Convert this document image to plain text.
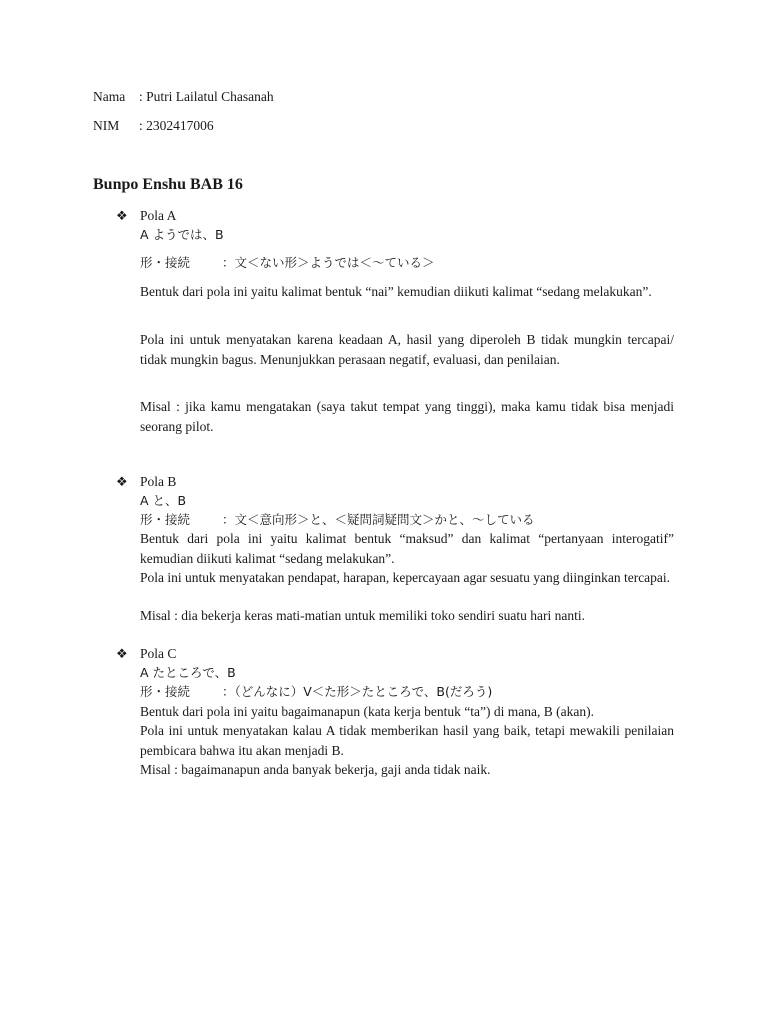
Nama : Putri Lailatul Chasanah
NIM : 2302417006
Bunpo Enshu BAB 16
❖ Pola A
A ようでは、B
形・接続	：文＜ない形＞ようでは＜～ている＞
Bentuk dari pola ini yaitu kalimat bentuk “nai” kemudian diikuti kalimat “sedang melakukan”.
Pola ini untuk menyatakan karena keadaan A, hasil yang diperoleh B tidak mungkin tercapai/ tidak mungkin bagus. Menunjukkan perasaan negatif, evaluasi, dan penilaian.
Misal : jika kamu mengatakan (saya takut tempat yang tinggi), maka kamu tidak bisa menjadi seorang pilot.
❖ Pola B
A と、B
形・接続	：文＜意向形＞と、＜疑問詞疑問文＞かと、～している
Bentuk dari pola ini yaitu kalimat bentuk “maksud” dan kalimat “pertanyaan interogatif” kemudian diikuti kalimat “sedang melakukan”.
Pola ini untuk menyatakan pendapat, harapan, kepercayaan agar sesuatu yang diinginkan tercapai.
Misal : dia bekerja keras mati-matian untuk memiliki toko sendiri suatu hari nanti.
❖ Pola C
A たところで、B
形・接続	：（どんなに）V＜た形＞たところで、B(だろう)
Bentuk dari pola ini yaitu bagaimanapun (kata kerja bentuk “ta”) di mana, B (akan).
Pola ini untuk menyatakan kalau A tidak memberikan hasil yang baik, tetapi mewakili penilaian pembicara bahwa itu akan menjadi B.
Misal : bagaimanapun anda banyak bekerja, gaji anda tidak naik.
